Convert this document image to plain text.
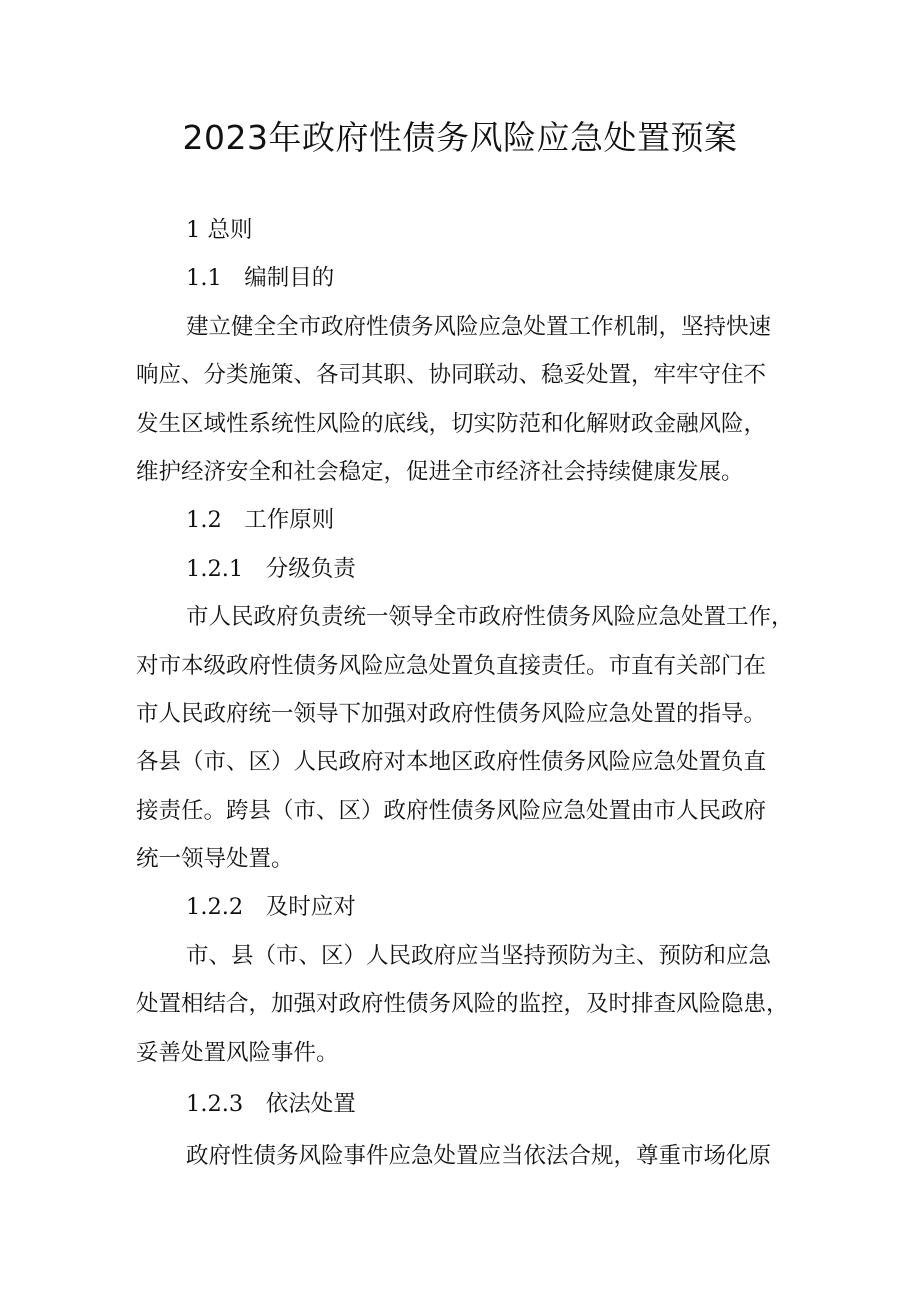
2023年政府性债务风险应急处置预案

1 总则

1.1　编制目的

建立健全全市政府性债务风险应急处置工作机制，坚持快速

响应、分类施策、各司其职、协同联动、稳妥处置，牢牢守住不

发生区域性系统性风险的底线，切实防范和化解财政金融风险，

维护经济安全和社会稳定，促进全市经济社会持续健康发展。

1.2　工作原则

1.2.1　分级负责

市人民政府负责统一领导全市政府性债务风险应急处置工作，

对市本级政府性债务风险应急处置负直接责任。市直有关部门在

市人民政府统一领导下加强对政府性债务风险应急处置的指导。

各县（市、区）人民政府对本地区政府性债务风险应急处置负直

接责任。跨县（市、区）政府性债务风险应急处置由市人民政府

统一领导处置。

1.2.2　及时应对

市、县（市、区）人民政府应当坚持预防为主、预防和应急

处置相结合，加强对政府性债务风险的监控，及时排查风险隐患，

妥善处置风险事件。

1.2.3　依法处置

政府性债务风险事件应急处置应当依法合规，尊重市场化原
